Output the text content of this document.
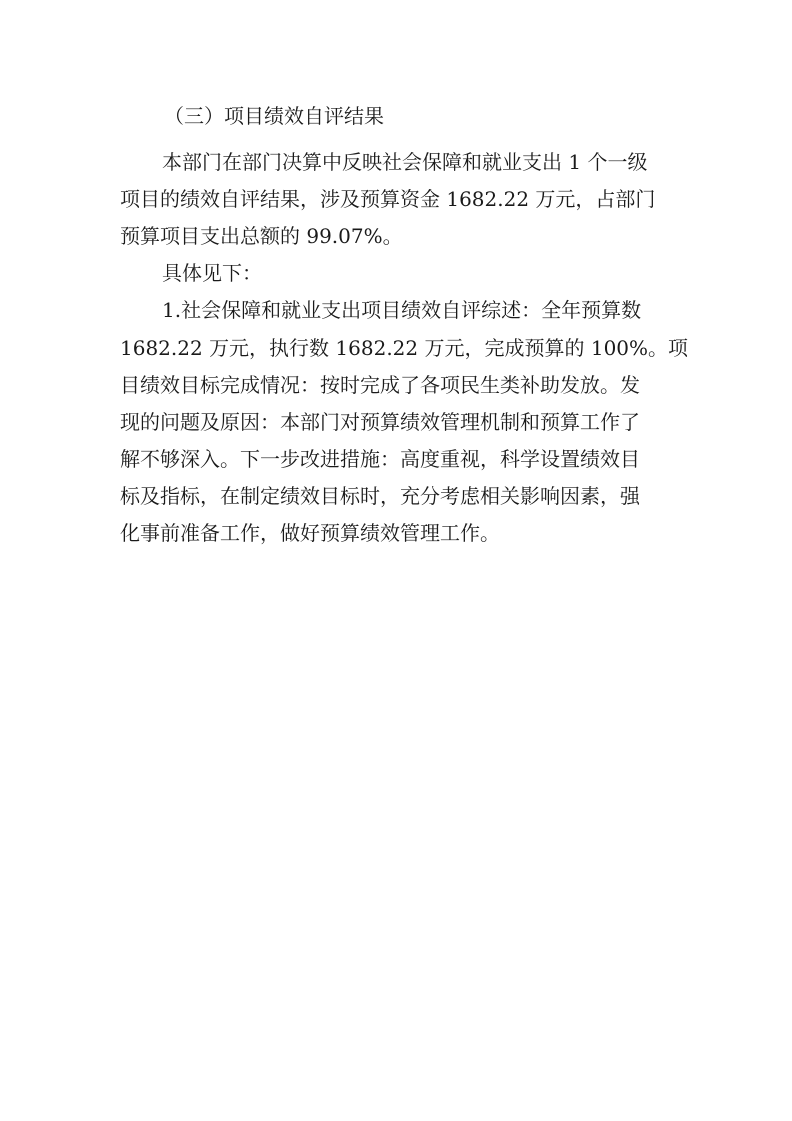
（三）项目绩效自评结果
本部门在部门决算中反映社会保障和就业支出 1 个一级
项目的绩效自评结果，涉及预算资金 1682.22 万元，占部门
预算项目支出总额的 99.07%。
具体见下：
1.社会保障和就业支出项目绩效自评综述：全年预算数
1682.22 万元，执行数 1682.22 万元，完成预算的 100%。项
目绩效目标完成情况：按时完成了各项民生类补助发放。发
现的问题及原因：本部门对预算绩效管理机制和预算工作了
解不够深入。下一步改进措施：高度重视，科学设置绩效目
标及指标，在制定绩效目标时，充分考虑相关影响因素，强
化事前准备工作，做好预算绩效管理工作。
